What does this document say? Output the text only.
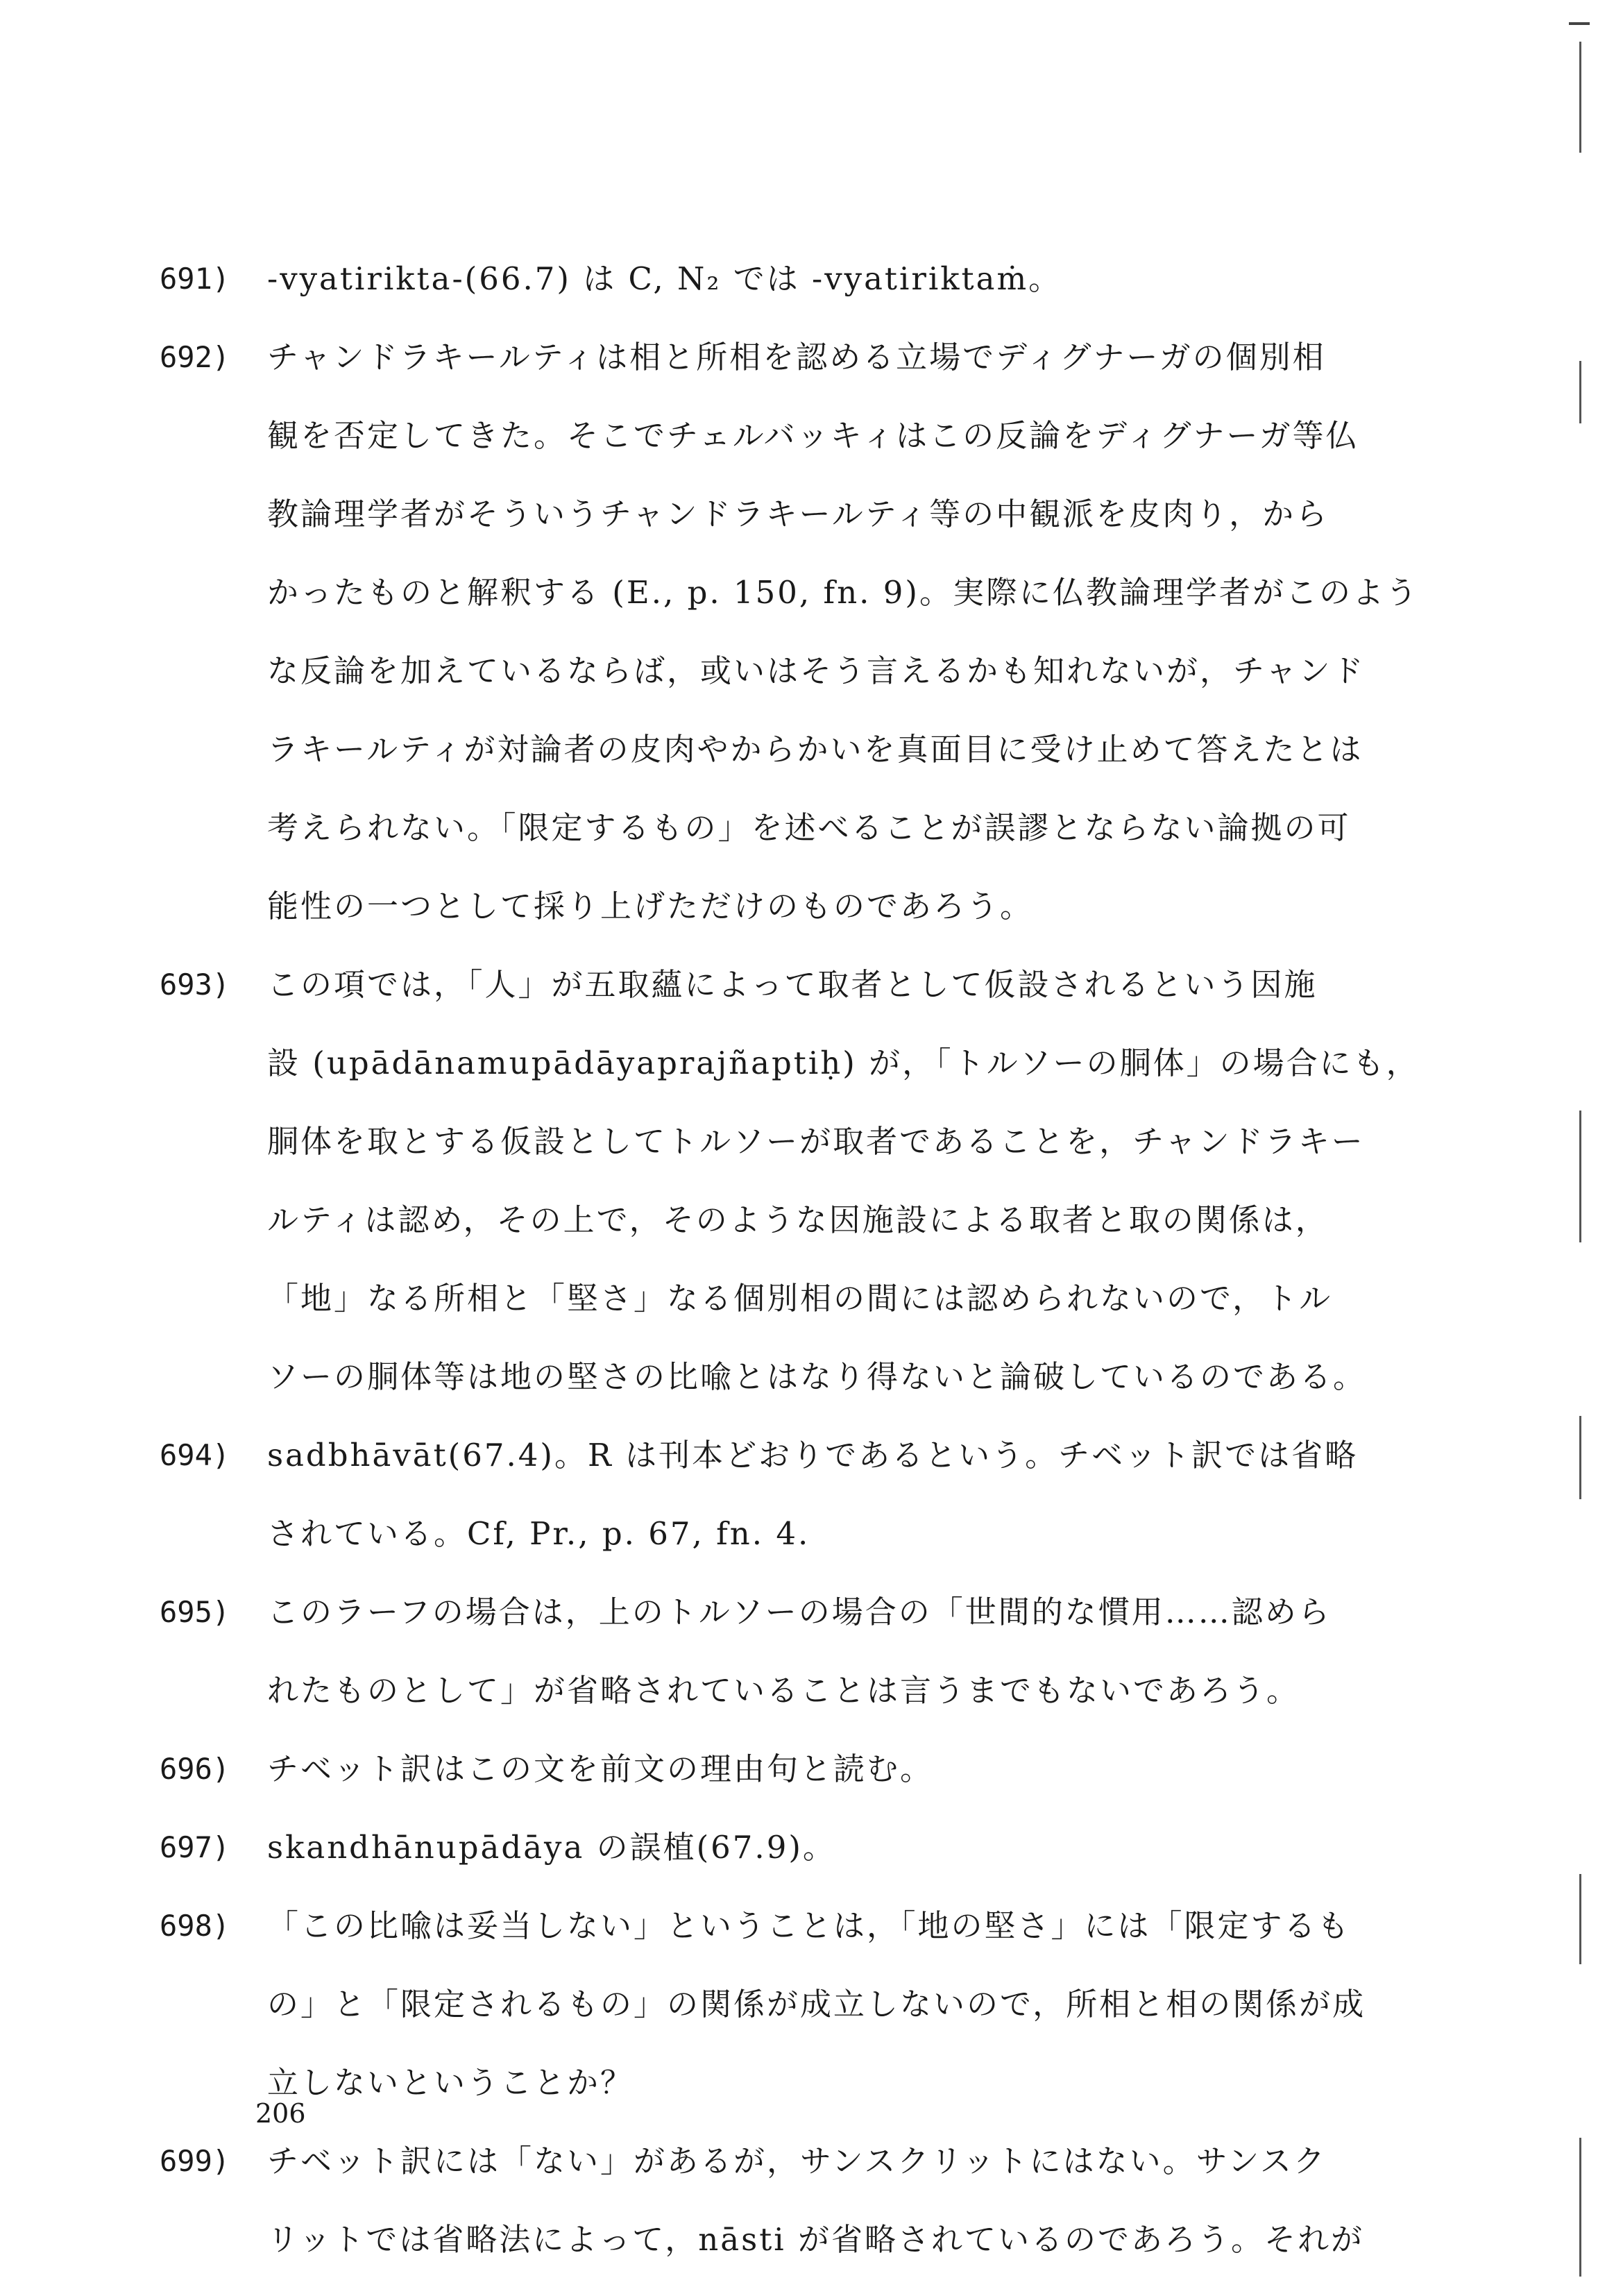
691) -vyatirikta-(66.7) は C, N₂ では -vyatiriktaṁ。
692) チャンドラキールティは相と所相を認める立場でディグナーガの個別相
観を否定してきた。そこでチェルバッキィはこの反論をディグナーガ等仏
教論理学者がそういうチャンドラキールティ等の中観派を皮肉り，から
かったものと解釈する (E., p. 150, fn. 9)。実際に仏教論理学者がこのよう
な反論を加えているならば，或いはそう言えるかも知れないが，チャンド
ラキールティが対論者の皮肉やからかいを真面目に受け止めて答えたとは
考えられない。「限定するもの」を述べることが誤謬とならない論拠の可
能性の一つとして採り上げただけのものであろう。
693) この項では，「人」が五取蘊によって取者として仮設されるという因施
設 (upādānamupādāyaprajñaptiḥ) が，「トルソーの胴体」の場合にも，
胴体を取とする仮設としてトルソーが取者であることを，チャンドラキー
ルティは認め，その上で，そのような因施設による取者と取の関係は，
「地」なる所相と「堅さ」なる個別相の間には認められないので，トル
ソーの胴体等は地の堅さの比喩とはなり得ないと論破しているのである。
694) sadbhāvāt(67.4)。R は刊本どおりであるという。チベット訳では省略
されている。Cf, Pr., p. 67, fn. 4.
695) このラーフの場合は，上のトルソーの場合の「世間的な慣用……認めら
れたものとして」が省略されていることは言うまでもないであろう。
696) チベット訳はこの文を前文の理由句と読む。
697) skandhānupādāya の誤植(67.9)。
698) 「この比喩は妥当しない」ということは，「地の堅さ」には「限定するも
の」と「限定されるもの」の関係が成立しないので，所相と相の関係が成
立しないということか？
699) チベット訳には「ない」があるが，サンスクリットにはない。サンスク
リットでは省略法によって，nāsti が省略されているのであろう。それが
206
